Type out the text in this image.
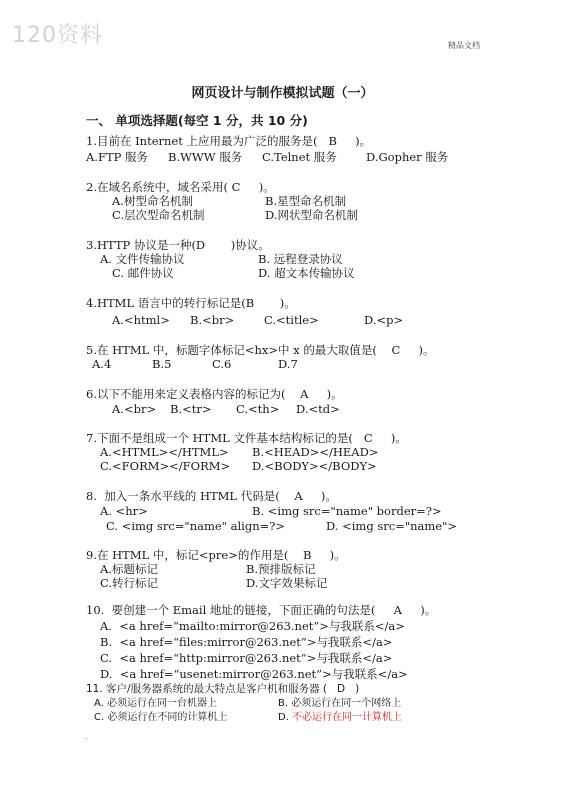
120资料	精品文档
网页设计与制作模拟试题（一）
一、 单项选择题(每空 1 分，共 10 分)
1.目前在 Internet 上应用最为广泛的服务是(   B     )。
A.FTP 服务 B.WWW 服务 C.Telnet 服务	D.Gopher 服务
2.在域名系统中，域名采用( C     )。
A.树型命名机制	B.星型命名机制
C.层次型命名机制	D.网状型命名机制
3.HTTP 协议是一种(D       )协议。
A. 文件传输协议	B. 远程登录协议
C. 邮件协议	D. 超文本传输协议
4.HTML 语言中的转行标记是(B       )。
A.<html> B.<br>	C.<title>	D.<p>
5.在 HTML 中，标题字体标记<hx>中 x 的最大取值是(    C     )。
A.4	B.5	C.6	D.7
6.以下不能用来定义表格内容的标记为(    A     )。
A.<br> B.<tr> C.<th> D.<td>
7.下面不是组成一个 HTML 文件基本结构标记的是(   C     )。
A.<HTML></HTML> B.<HEAD></HEAD>
C.<FORM></FORM> D.<BODY></BODY>
8.  加入一条水平线的 HTML 代码是(    A     )。
A. <hr>	B. <img src="name" border=?>
C. <img src="name" align=?>	D. <img src="name">
9.在 HTML 中，标记<pre>的作用是(    B     )。
A.标题标记	B.预排版标记
C.转行标记	D.文字效果标记
10.  要创建一个 Email 地址的链接，下面正确的句法是(     A     )。
A.  <a href=“mailto:mirror@263.net”>与我联系</a>
B.  <a href=“files:mirror@263.net”>与我联系</a>
C.  <a href=“http:mirror@263.net”>与我联系</a>
D.  <a href=“usenet:mirror@263.net”>与我联系</a>
11. 客户/服务器系统的最大特点是客户机和服务器 (   D   )
A. 必须运行在同一台机器上	B. 必须运行在同一个网络上
C. 必须运行在不同的计算机上	D. 不必运行在同一计算机上
.
